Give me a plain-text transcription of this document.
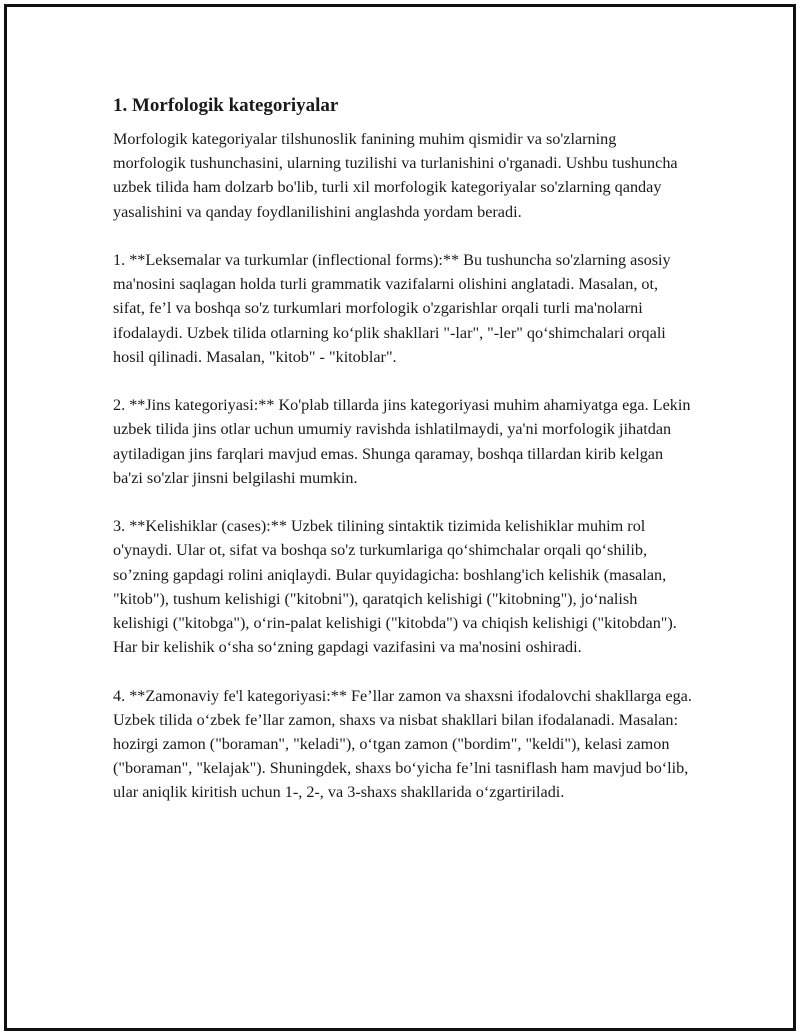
1. Morfologik kategoriyalar

Morfologik kategoriyalar tilshunoslik fanining muhim qismidir va so'zlarning morfologik tushunchasini, ularning tuzilishi va turlanishini o'rganadi. Ushbu tushuncha uzbek tilida ham dolzarb bo'lib, turli xil morfologik kategoriyalar so'zlarning qanday yasalishini va qanday foydlanilishini anglashda yordam beradi.

1. **Leksemalar va turkumlar (inflectional forms):** Bu tushuncha so'zlarning asosiy ma'nosini saqlagan holda turli grammatik vazifalarni olishini anglatadi. Masalan, ot, sifat, fe’l va boshqa so'z turkumlari morfologik o'zgarishlar orqali turli ma'nolarni ifodalaydi. Uzbek tilida otlarning ko‘plik shakllari "-lar", "-ler" qo‘shimchalari orqali hosil qilinadi. Masalan, "kitob" - "kitoblar".

2. **Jins kategoriyasi:** Ko'plab tillarda jins kategoriyasi muhim ahamiyatga ega. Lekin uzbek tilida jins otlar uchun umumiy ravishda ishlatilmaydi, ya'ni morfologik jihatdan aytiladigan jins farqlari mavjud emas. Shunga qaramay, boshqa tillardan kirib kelgan ba'zi so'zlar jinsni belgilashi mumkin.

3. **Kelishiklar (cases):** Uzbek tilining sintaktik tizimida kelishiklar muhim rol o'ynaydi. Ular ot, sifat va boshqa so'z turkumlariga qo‘shimchalar orqali qo‘shilib, so’zning gapdagi rolini aniqlaydi. Bular quyidagicha: boshlang'ich kelishik (masalan, "kitob"), tushum kelishigi ("kitobni"), qaratqich kelishigi ("kitobning"), jo‘nalish kelishigi ("kitobga"), o‘rin-palat kelishigi ("kitobda") va chiqish kelishigi ("kitobdan"). Har bir kelishik o‘sha so‘zning gapdagi vazifasini va ma'nosini oshiradi.

4. **Zamonaviy fe'l kategoriyasi:** Fe’llar zamon va shaxsni ifodalovchi shakllarga ega. Uzbek tilida o‘zbek fe’llar zamon, shaxs va nisbat shakllari bilan ifodalanadi. Masalan: hozirgi zamon ("boraman", "keladi"), o‘tgan zamon ("bordim", "keldi"), kelasi zamon ("boraman", "kelajak"). Shuningdek, shaxs bo‘yicha fe’lni tasniflash ham mavjud bo‘lib, ular aniqlik kiritish uchun 1-, 2-, va 3-shaxs shakllarida o‘zgartiriladi.
